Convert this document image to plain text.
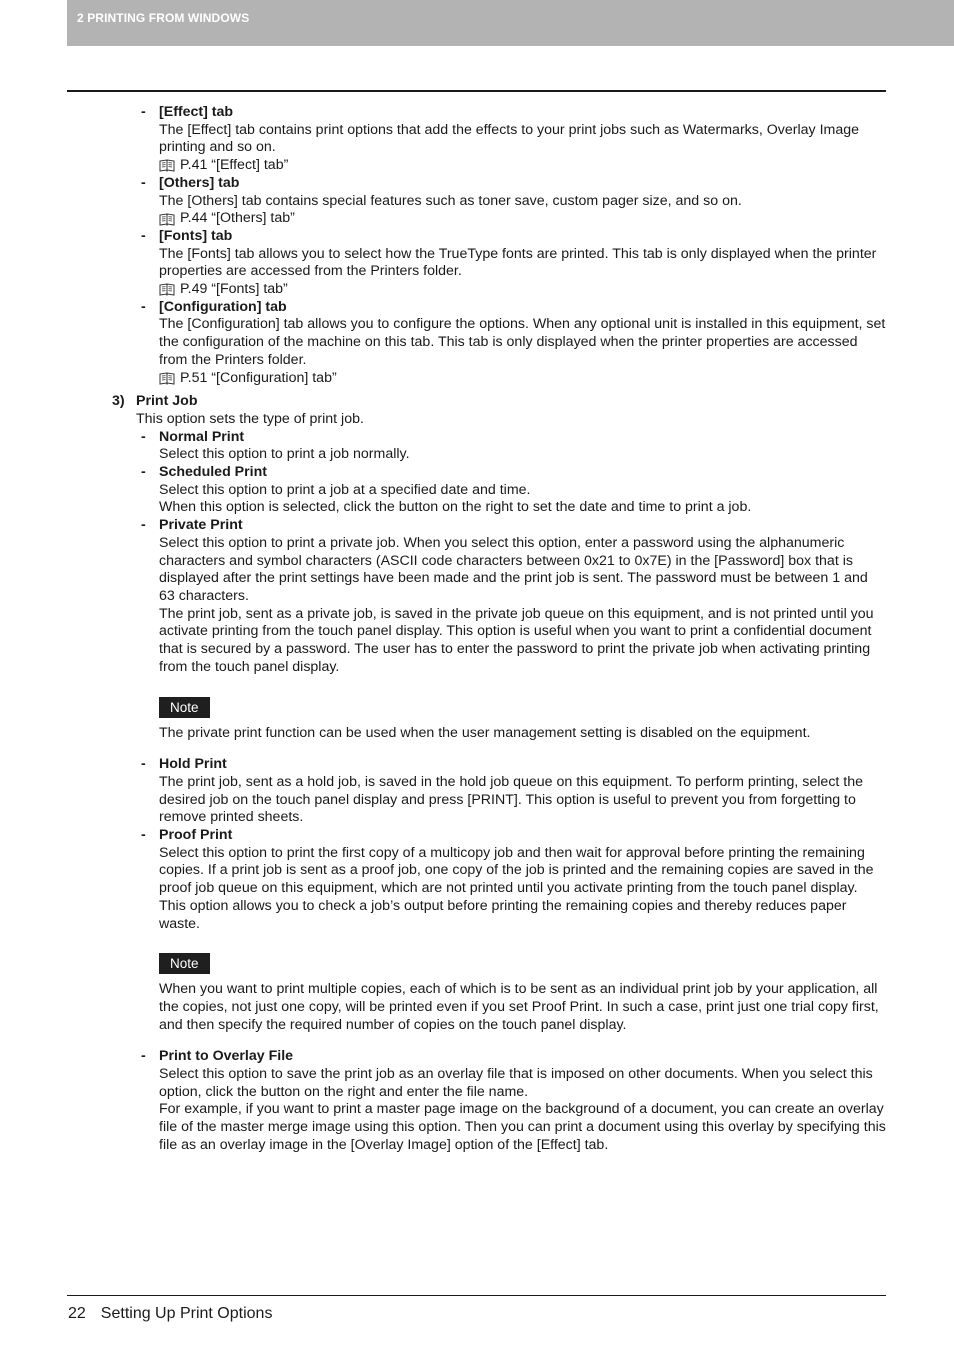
2 PRINTING FROM WINDOWS
- [Effect] tab

The [Effect] tab contains print options that add the effects to your print jobs such as Watermarks, Overlay Image printing and so on.

P.41 “[Effect] tab”
- [Others] tab

The [Others] tab contains special features such as toner save, custom pager size, and so on.

P.44 “[Others] tab”
- [Fonts] tab

The [Fonts] tab allows you to select how the TrueType fonts are printed. This tab is only displayed when the printer properties are accessed from the Printers folder.

P.49 “[Fonts] tab”
- [Configuration] tab

The [Configuration] tab allows you to configure the options. When any optional unit is installed in this equipment, set the configuration of the machine on this tab. This tab is only displayed when the printer properties are accessed from the Printers folder.

P.51 “[Configuration] tab”
3) Print Job

This option sets the type of print job.

- Normal Print

Select this option to print a job normally.

- Scheduled Print

Select this option to print a job at a specified date and time.

When this option is selected, click the button on the right to set the date and time to print a job.

- Private Print

Select this option to print a private job. When you select this option, enter a password using the alphanumeric characters and symbol characters (ASCII code characters between 0x21 to 0x7E) in the [Password] box that is displayed after the print settings have been made and the print job is sent. The password must be between 1 and 63 characters.

The print job, sent as a private job, is saved in the private job queue on this equipment, and is not printed until you activate printing from the touch panel display. This option is useful when you want to print a confidential document that is secured by a password. The user has to enter the password to print the private job when activating printing from the touch panel display.

Note

The private print function can be used when the user management setting is disabled on the equipment.

- Hold Print

The print job, sent as a hold job, is saved in the hold job queue on this equipment. To perform printing, select the desired job on the touch panel display and press [PRINT]. This option is useful to prevent you from forgetting to remove printed sheets.

- Proof Print

Select this option to print the first copy of a multicopy job and then wait for approval before printing the remaining copies. If a print job is sent as a proof job, one copy of the job is printed and the remaining copies are saved in the proof job queue on this equipment, which are not printed until you activate printing from the touch panel display. This option allows you to check a job’s output before printing the remaining copies and thereby reduces paper waste.

Note

When you want to print multiple copies, each of which is to be sent as an individual print job by your application, all the copies, not just one copy, will be printed even if you set Proof Print. In such a case, print just one trial copy first, and then specify the required number of copies on the touch panel display.

- Print to Overlay File

Select this option to save the print job as an overlay file that is imposed on other documents. When you select this option, click the button on the right and enter the file name.

For example, if you want to print a master page image on the background of a document, you can create an overlay file of the master merge image using this option. Then you can print a document using this overlay by specifying this file as an overlay image in the [Overlay Image] option of the [Effect] tab.

22 Setting Up Print Options
